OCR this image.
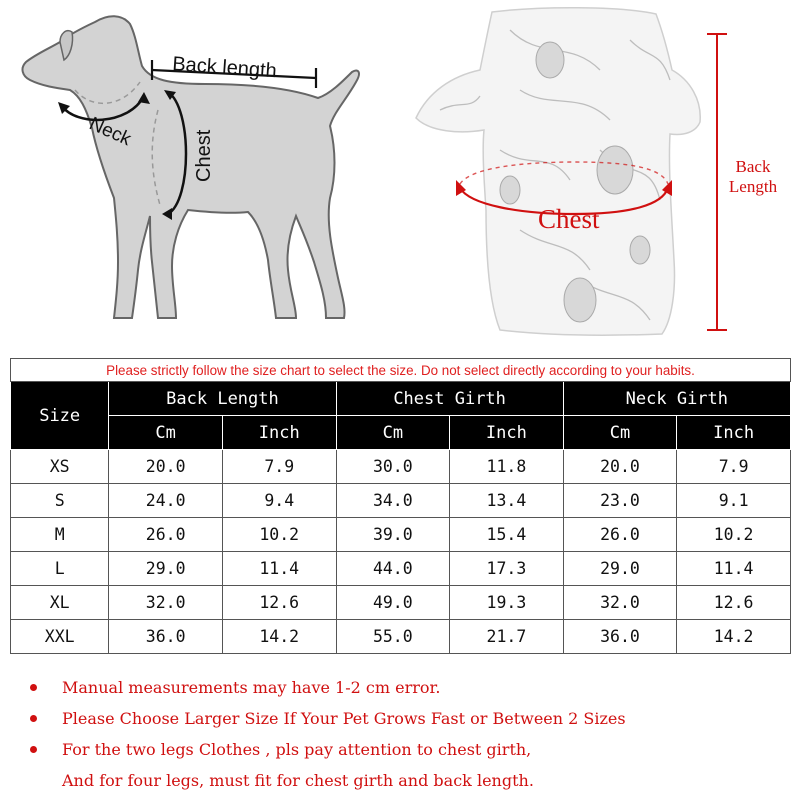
Back length
Neck	Chest
Chest
Back
Length
Please strictly follow the size chart to select the size. Do not select directly according to your habits.						
Size	Back Length		Chest Girth		Neck Girth	
	Cm	Inch	Cm	Inch	Cm	Inch
XS	20.0	7.9	30.0	11.8	20.0	7.9
S	24.0	9.4	34.0	13.4	23.0	9.1
M	26.0	10.2	39.0	15.4	26.0	10.2
L	29.0	11.4	44.0	17.3	29.0	11.4
XL	32.0	12.6	49.0	19.3	32.0	12.6
XXL	36.0	14.2	55.0	21.7	36.0	14.2
Manual measurements may have 1-2 cm error.
Please Choose Larger Size If Your Pet Grows Fast or Between 2 Sizes
For the two legs Clothes , pls pay attention to chest girth,
And for four legs, must fit for chest girth and back length.
